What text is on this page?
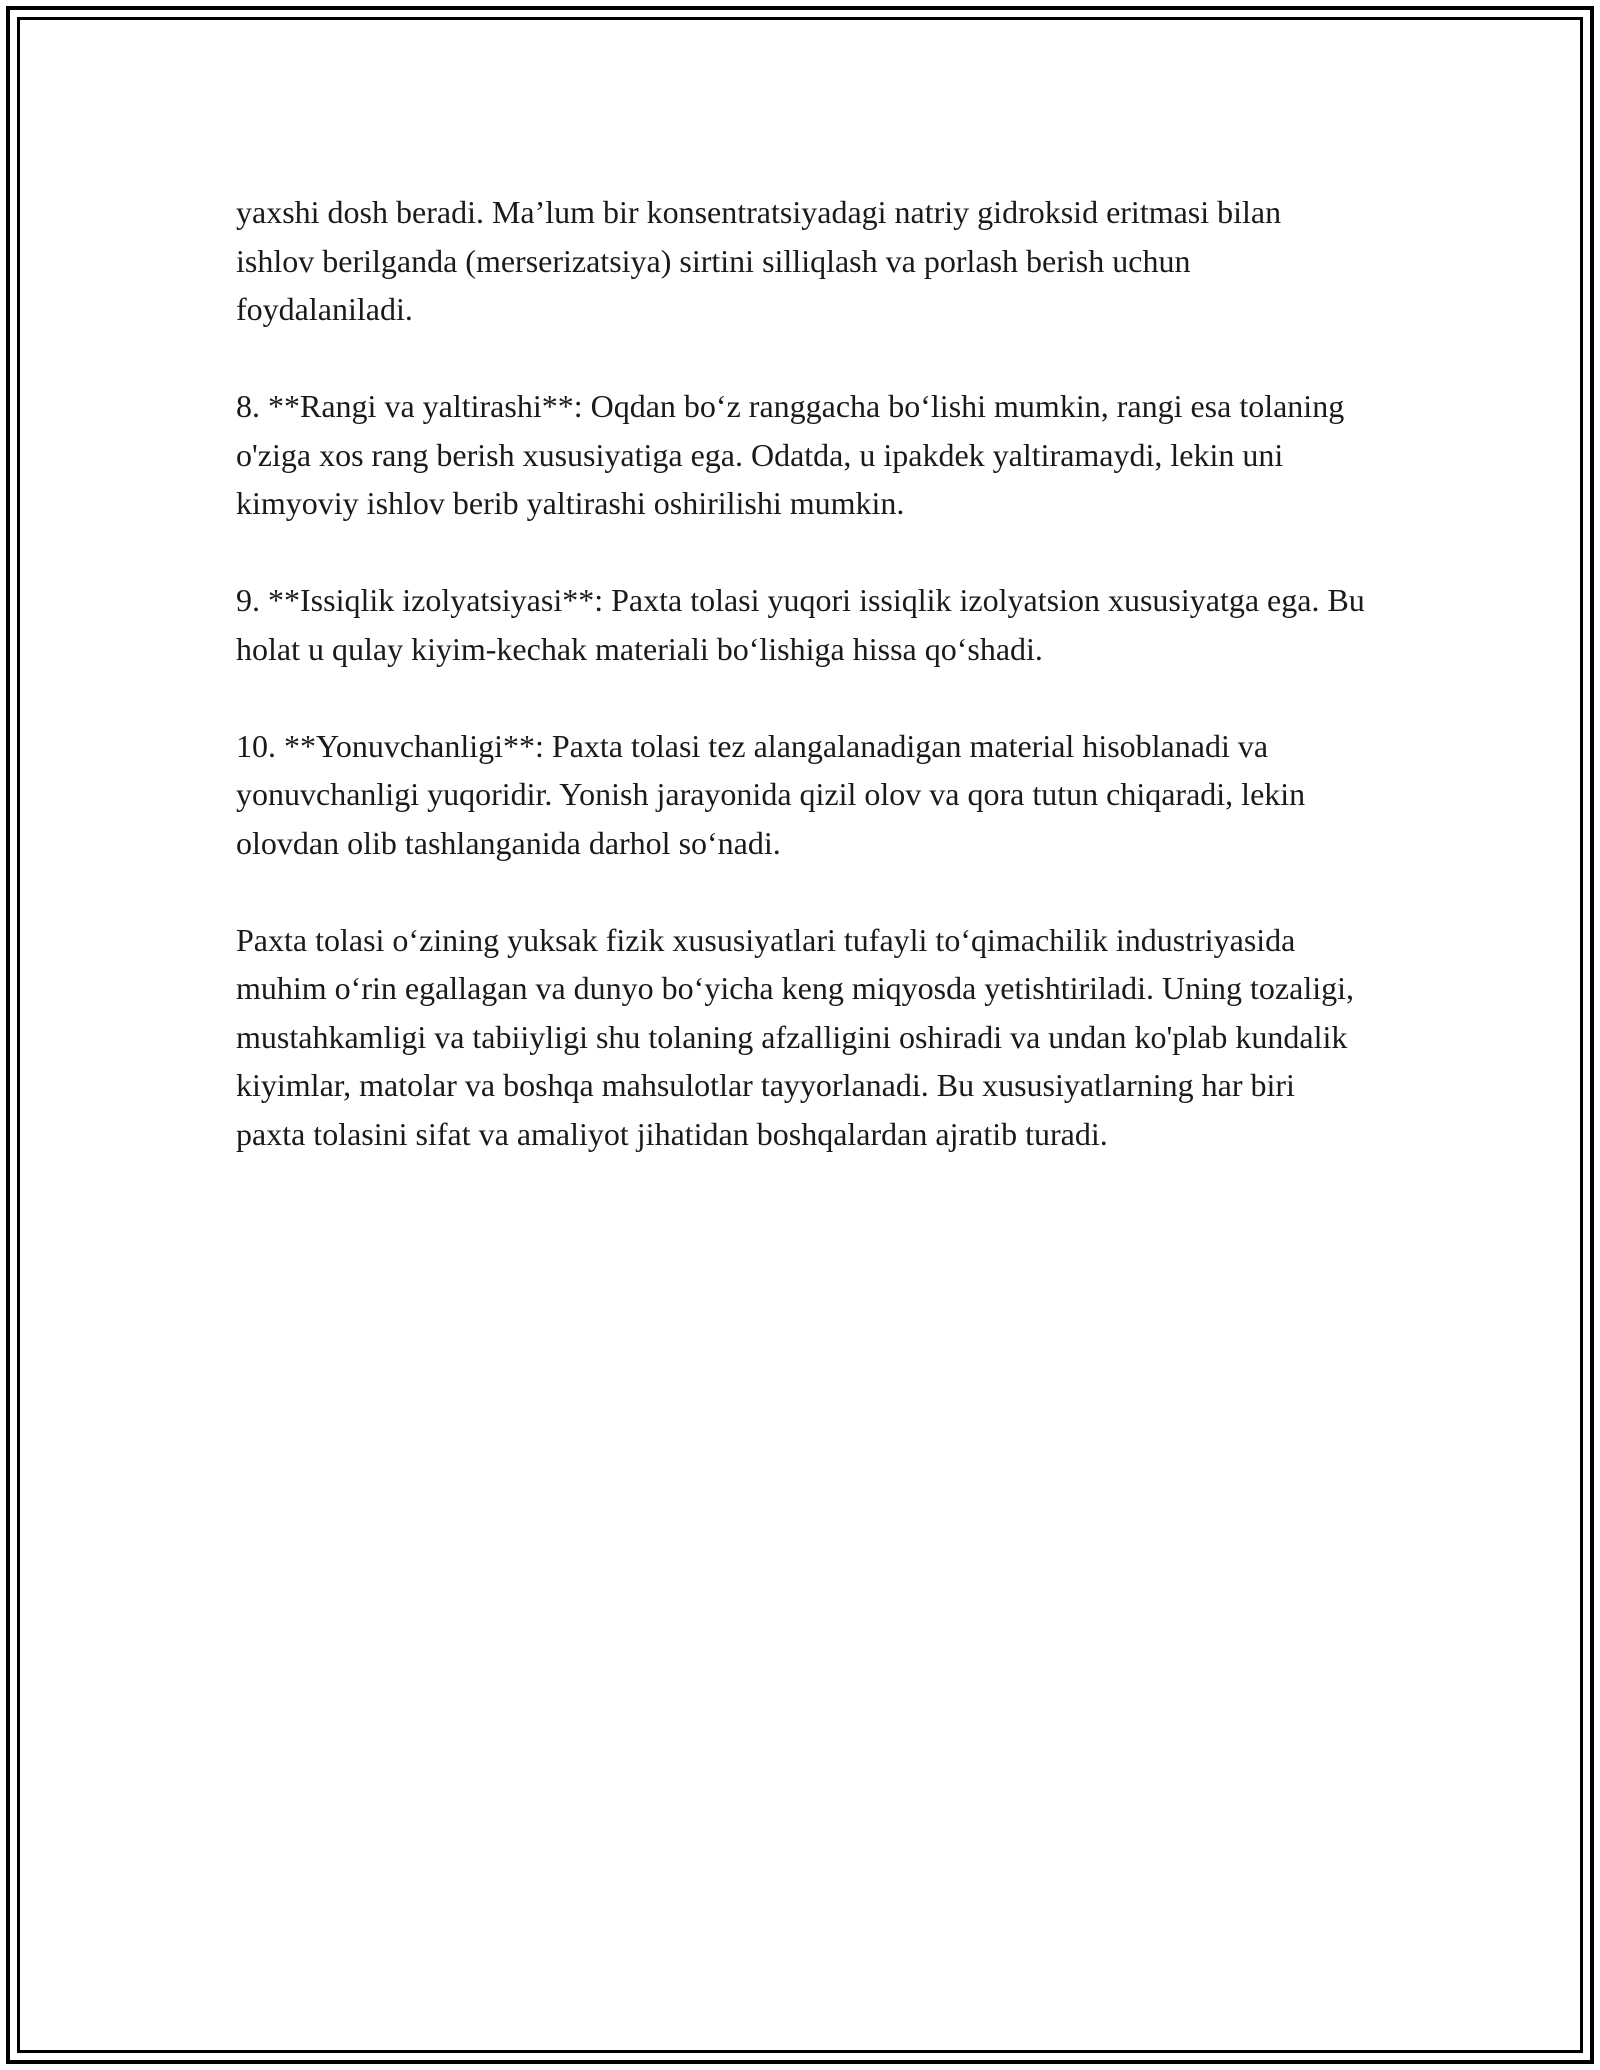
yaxshi dosh beradi. Ma’lum bir konsentratsiyadagi natriy gidroksid eritmasi bilan ishlov berilganda (merserizatsiya) sirtini silliqlash va porlash berish uchun foydalaniladi.

8. **Rangi va yaltirashi**: Oqdan bo‘z ranggacha bo‘lishi mumkin, rangi esa tolaning o'ziga xos rang berish xususiyatiga ega. Odatda, u ipakdek yaltiramaydi, lekin uni kimyoviy ishlov berib yaltirashi oshirilishi mumkin.

9. **Issiqlik izolyatsiyasi**: Paxta tolasi yuqori issiqlik izolyatsion xususiyatga ega. Bu holat u qulay kiyim-kechak materiali bo‘lishiga hissa qo‘shadi.

10. **Yonuvchanligi**: Paxta tolasi tez alangalanadigan material hisoblanadi va yonuvchanligi yuqoridir. Yonish jarayonida qizil olov va qora tutun chiqaradi, lekin olovdan olib tashlanganida darhol so‘nadi.

Paxta tolasi o‘zining yuksak fizik xususiyatlari tufayli to‘qimachilik industriyasida muhim o‘rin egallagan va dunyo bo‘yicha keng miqyosda yetishtiriladi. Uning tozaligi, mustahkamligi va tabiiyligi shu tolaning afzalligini oshiradi va undan ko'plab kundalik kiyimlar, matolar va boshqa mahsulotlar tayyorlanadi. Bu xususiyatlarning har biri paxta tolasini sifat va amaliyot jihatidan boshqalardan ajratib turadi.
